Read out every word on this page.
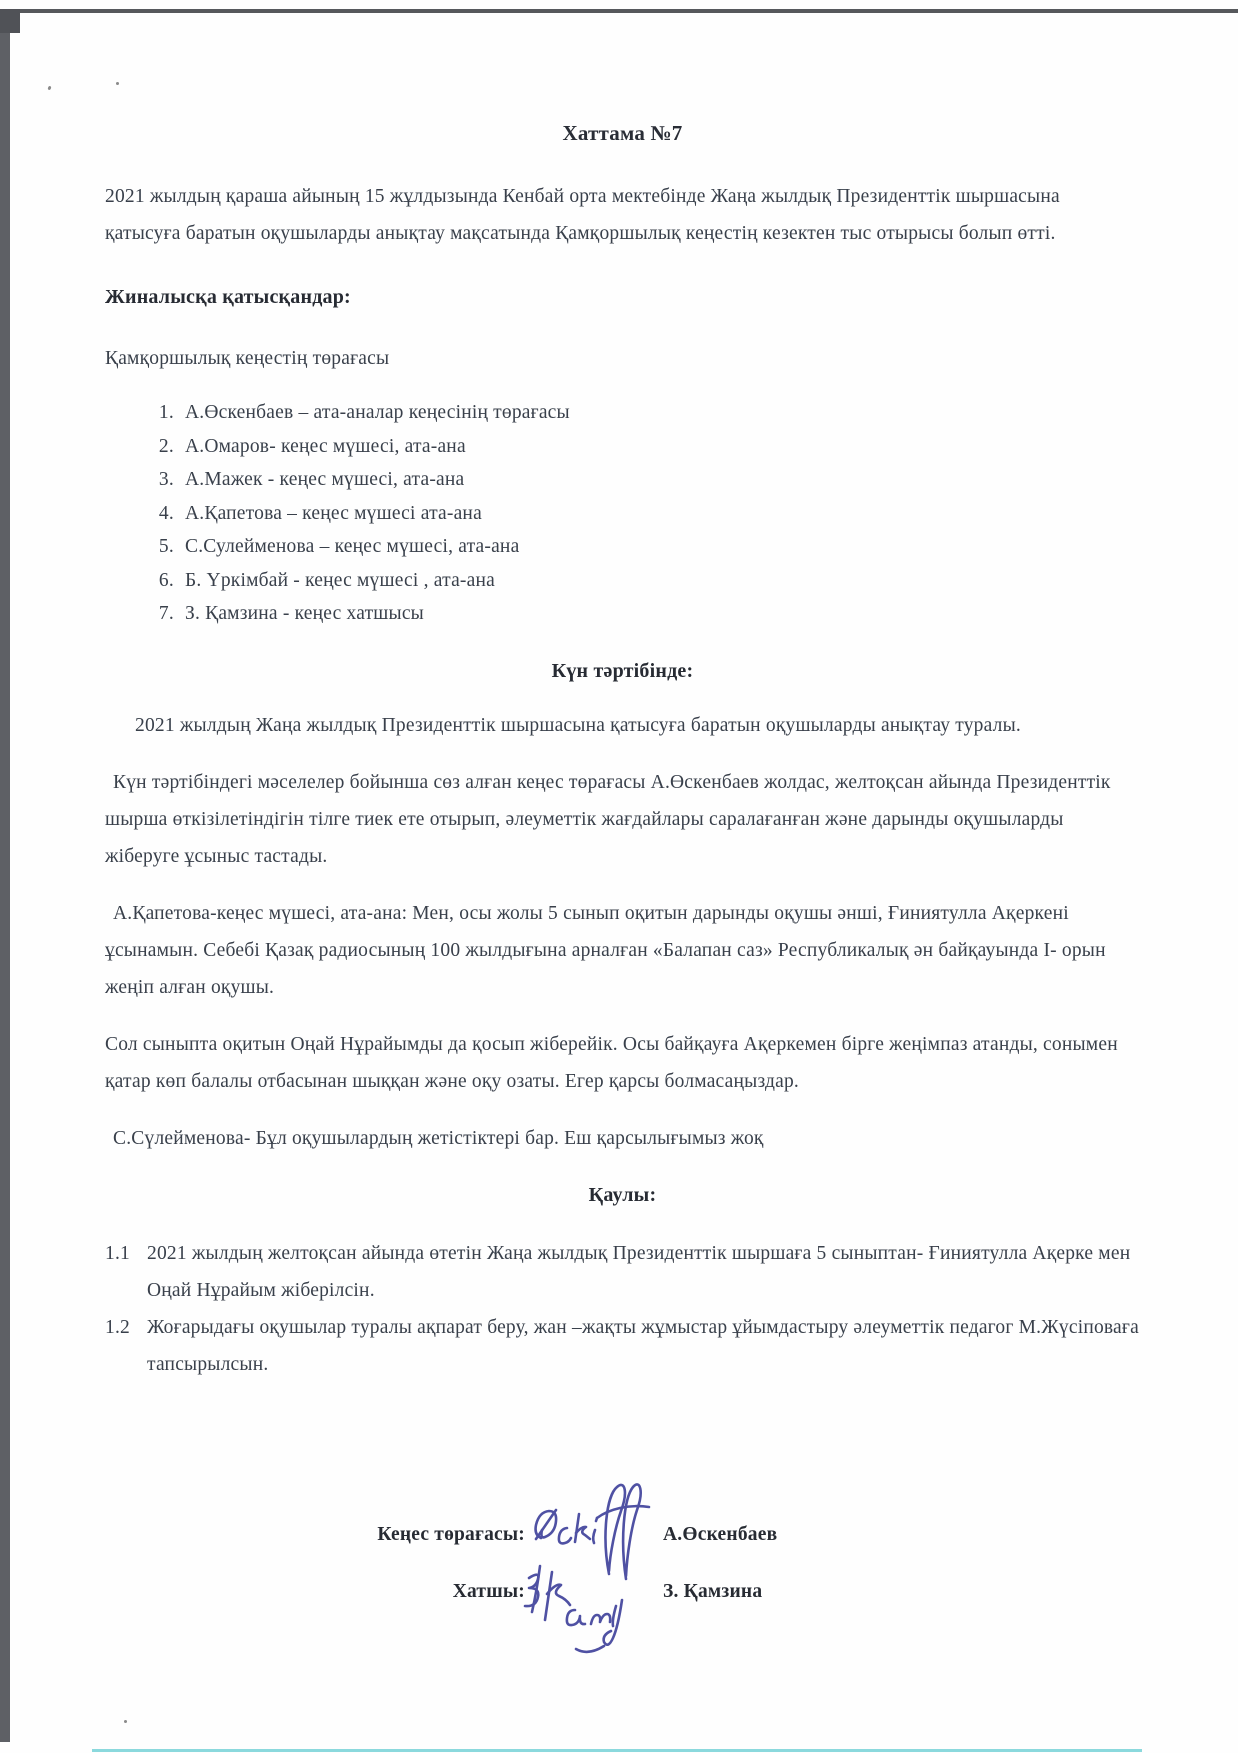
Хаттама №7

2021 жылдың қараша айының 15 жұлдызында Кенбай орта мектебінде Жаңа жылдық Президенттік шыршасына қатысуға баратын оқушыларды анықтау мақсатында Қамқоршылық кеңестің кезектен тыс отырысы болып өтті.

Жиналысқа қатысқандар:

Қамқоршылық кеңестің төрағасы

1. А.Өскенбаев – ата-аналар кеңесінің төрағасы
2. А.Омаров- кеңес мүшесі, ата-ана
3. А.Мажек - кеңес мүшесі, ата-ана
4. А.Қапетова – кеңес мүшесі ата-ана
5. С.Сулейменова – кеңес мүшесі, ата-ана
6. Б. Үркімбай - кеңес мүшесі , ата-ана
7. З. Қамзина - кеңес хатшысы
Күн тәртібінде:

2021 жылдың Жаңа жылдық Президенттік шыршасына қатысуға баратын оқушыларды анықтау туралы.

Күн тәртібіндегі мәселелер бойынша сөз алған кеңес төрағасы А.Өскенбаев жолдас, желтоқсан айында Президенттік шырша өткізілетіндігін тілге тиек ете отырып, әлеуметтік жағдайлары саралағанған және дарынды оқушыларды жіберуге ұсыныс тастады.

А.Қапетова-кеңес мүшесі, ата-ана: Мен, осы жолы 5 сынып оқитын дарынды оқушы әнші, Ғиниятулла Ақеркені ұсынамын. Себебі Қазақ радиосының 100 жылдығына арналған «Балапан саз» Республикалық ән байқауында I- орын жеңіп алған оқушы.

Сол сыныпта оқитын Оңай Нұрайымды да қосып жіберейік. Осы байқауға Ақеркемен бірге жеңімпаз атанды, сонымен қатар көп балалы отбасынан шыққан және оқу озаты. Егер қарсы болмасаңыздар.

С.Сүлейменова- Бұл оқушылардың жетістіктері бар. Еш қарсылығымыз жоқ

Қаулы:
1.1 2021 жылдың желтоқсан айында өтетін Жаңа жылдық Президенттік шыршаға 5 сыныптан- Ғиниятулла Ақерке мен Оңай Нұрайым жіберілсін.
1.2 Жоғарыдағы оқушылар туралы ақпарат беру, жан –жақты жұмыстар ұйымдастыру әлеуметтік педагог М.Жүсіповаға тапсырылсын.
Кеңес төрағасы:	А.Өскенбаев
Хатшы:	З. Қамзина
